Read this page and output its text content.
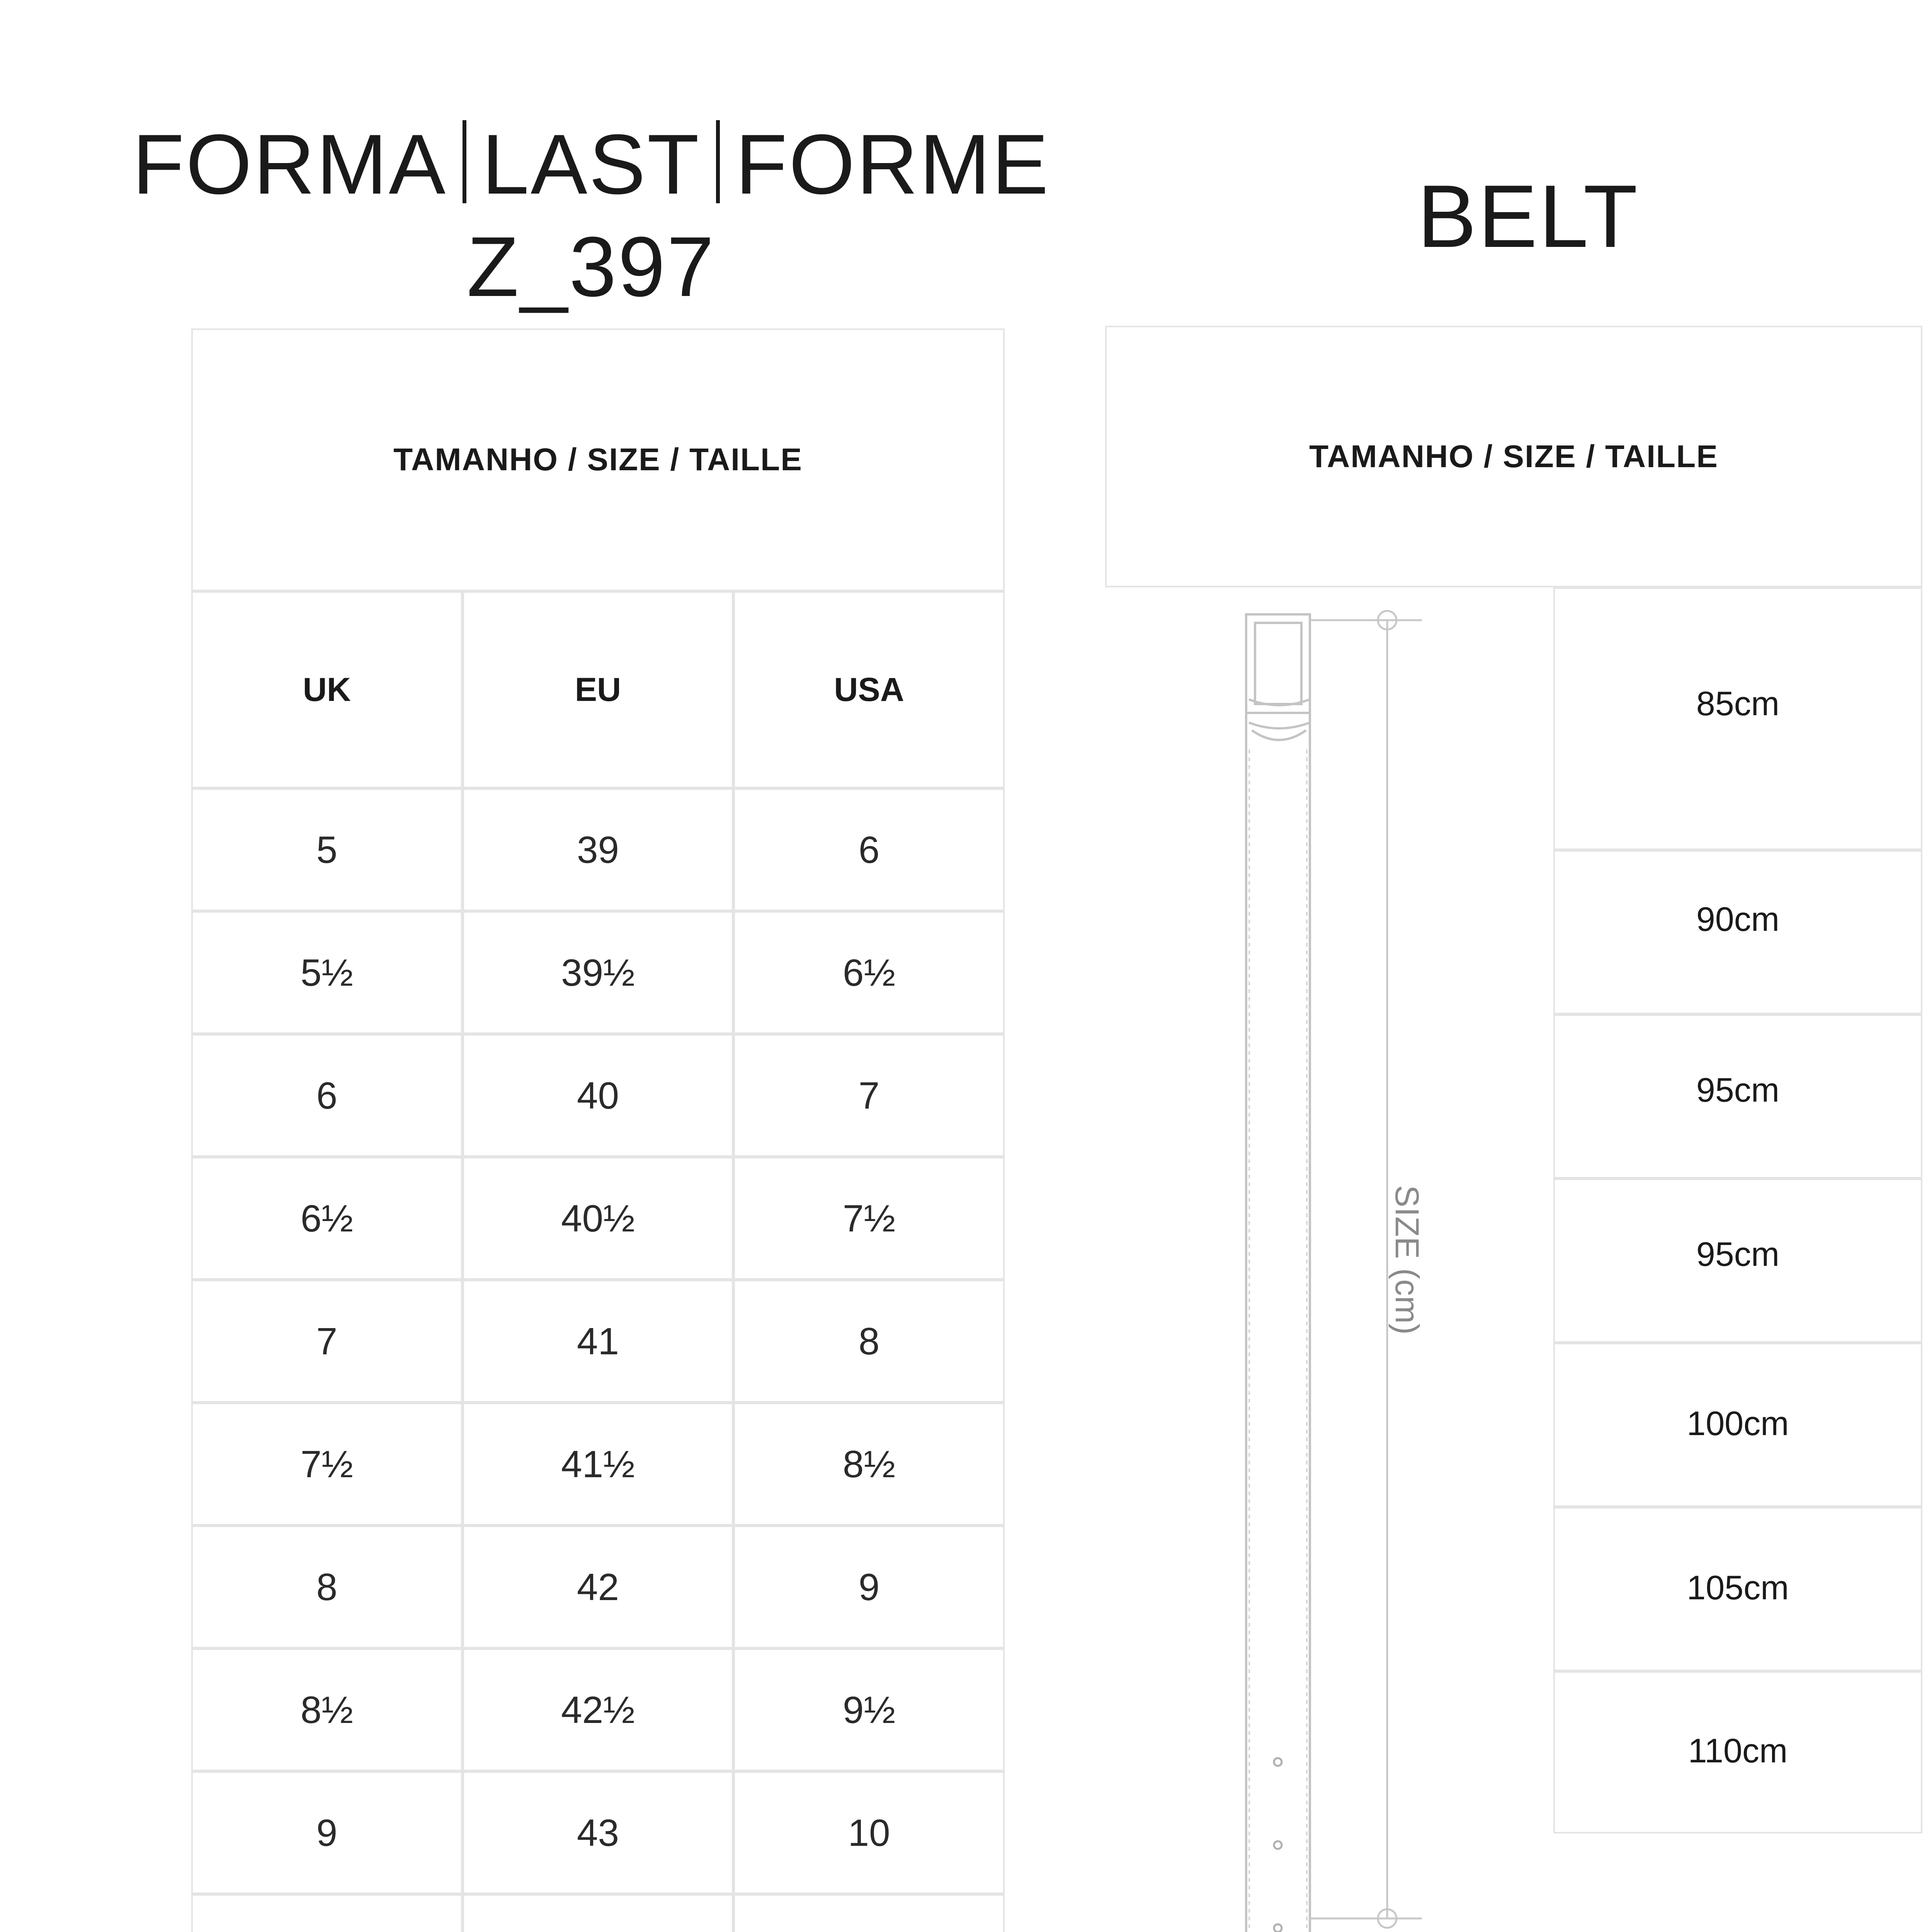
FORMA LAST FORME
Z_397
BELT
TAMANHO / SIZE / TAILLE
UK	EU	USA
5	39	6
5½	39½	6½
6	40	7
6½	40½	7½
7	41	8
7½	41½	8½
8	42	9
8½	42½	9½
9	43	10
TAMANHO / SIZE / TAILLE
SIZE (cm)
85cm
90cm
95cm
95cm
100cm
105cm
110cm
